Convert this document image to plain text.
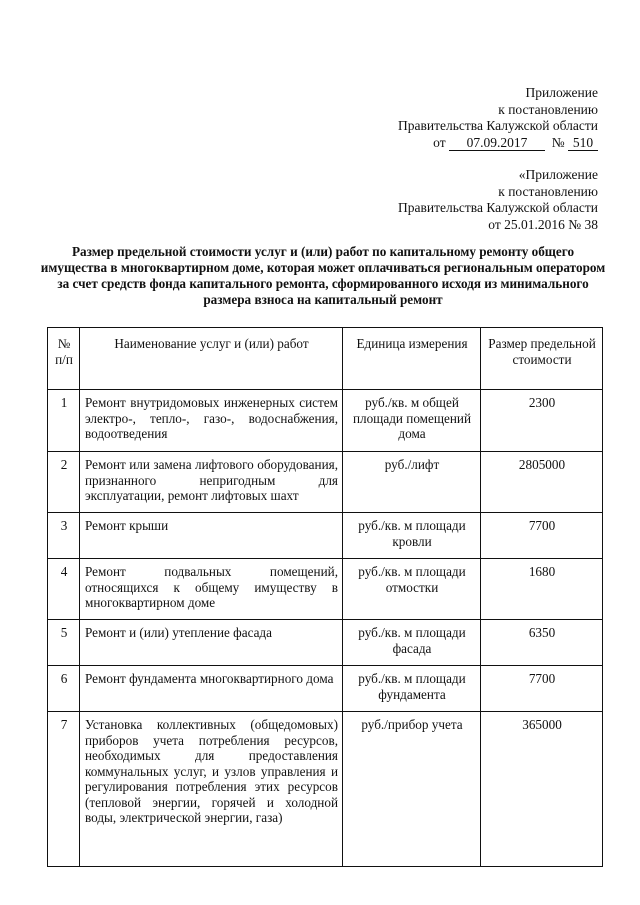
Приложение
к постановлению
Правительства Калужской области
от 07.09.2017 № 510
«Приложение
к постановлению
Правительства Калужской области
от 25.01.2016 № 38
Размер предельной стоимости услуг и (или) работ по капитальному ремонту общего имущества в многоквартирном доме, которая может оплачиваться региональным оператором за счет средств фонда капитального ремонта, сформированного исходя из минимального размера взноса на капитальный ремонт
№ п/п	Наименование услуг и (или) работ	Единица измерения	Размер предельной стоимости
1	Ремонт внутридомовых инженерных систем электро-, тепло-, газо-, водоснабжения, водоотведения	руб./кв. м общей площади помещений дома	2300
2	Ремонт или замена лифтового оборудования, признанного непригодным для эксплуатации, ремонт лифтовых шахт	руб./лифт	2805000
3	Ремонт крыши	руб./кв. м площади кровли	7700
4	Ремонт подвальных помещений, относящихся к общему имуществу в многоквартирном доме	руб./кв. м площади отмостки	1680
5	Ремонт и (или) утепление фасада	руб./кв. м площади фасада	6350
6	Ремонт фундамента многоквартирного дома	руб./кв. м площади фундамента	7700
7	Установка коллективных (общедомовых) приборов учета потребления ресурсов, необходимых для предоставления коммунальных услуг, и узлов управления и регулирования потребления этих ресурсов (тепловой энергии, горячей и холодной воды, электрической энергии, газа)	руб./прибор учета	365000
